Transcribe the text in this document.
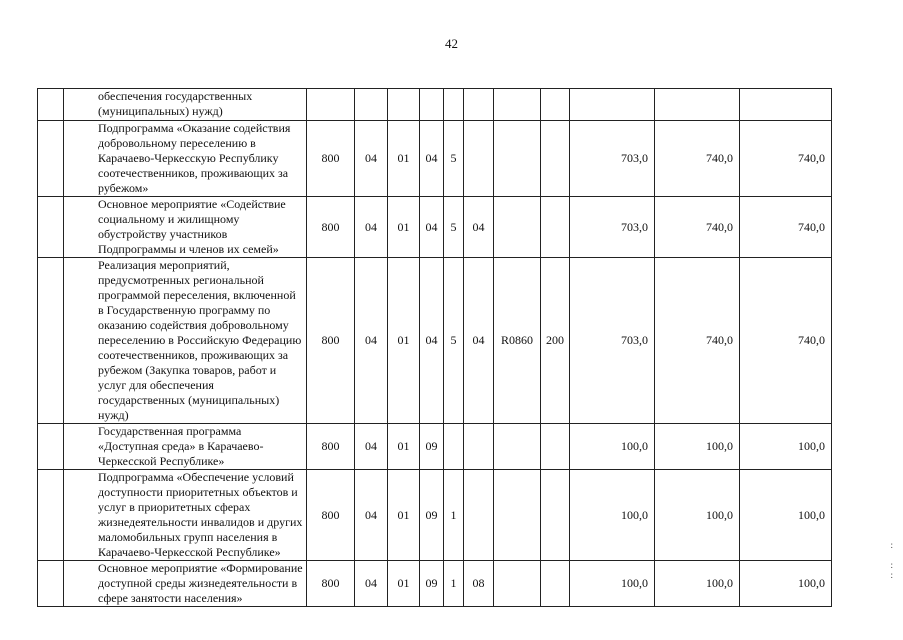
42
	обеспечения государственных (муниципальных) нужд)											
	Подпрограмма «Оказание содействия добровольному переселению в Карачаево-Черкесскую Республику соотечественников, проживающих за рубежом»	800	04	01	04	5				703,0	740,0	740,0
	Основное мероприятие «Содействие социальному и жилищному обустройству участников Подпрограммы и членов их семей»	800	04	01	04	5	04			703,0	740,0	740,0
	Реализация мероприятий, предусмотренных региональной программой переселения, включенной в Государственную программу по оказанию содействия добровольному переселению в Российскую Федерацию соотечественников, проживающих за рубежом (Закупка товаров, работ и услуг для обеспечения государственных (муниципальных) нужд)	800	04	01	04	5	04	R0860	200	703,0	740,0	740,0
	Государственная программа «Доступная среда» в Карачаево-Черкесской Республике»	800	04	01	09					100,0	100,0	100,0
	Подпрограмма «Обеспечение условий доступности приоритетных объектов и услуг в приоритетных сферах жизнедеятельности инвалидов и других маломобильных групп населения в Карачаево-Черкесской Республике»	800	04	01	09	1				100,0	100,0	100,0
	Основное мероприятие «Формирование доступной среды жизнедеятельности в сфере занятости населения»	800	04	01	09	1	08			100,0	100,0	100,0
:

:
:
